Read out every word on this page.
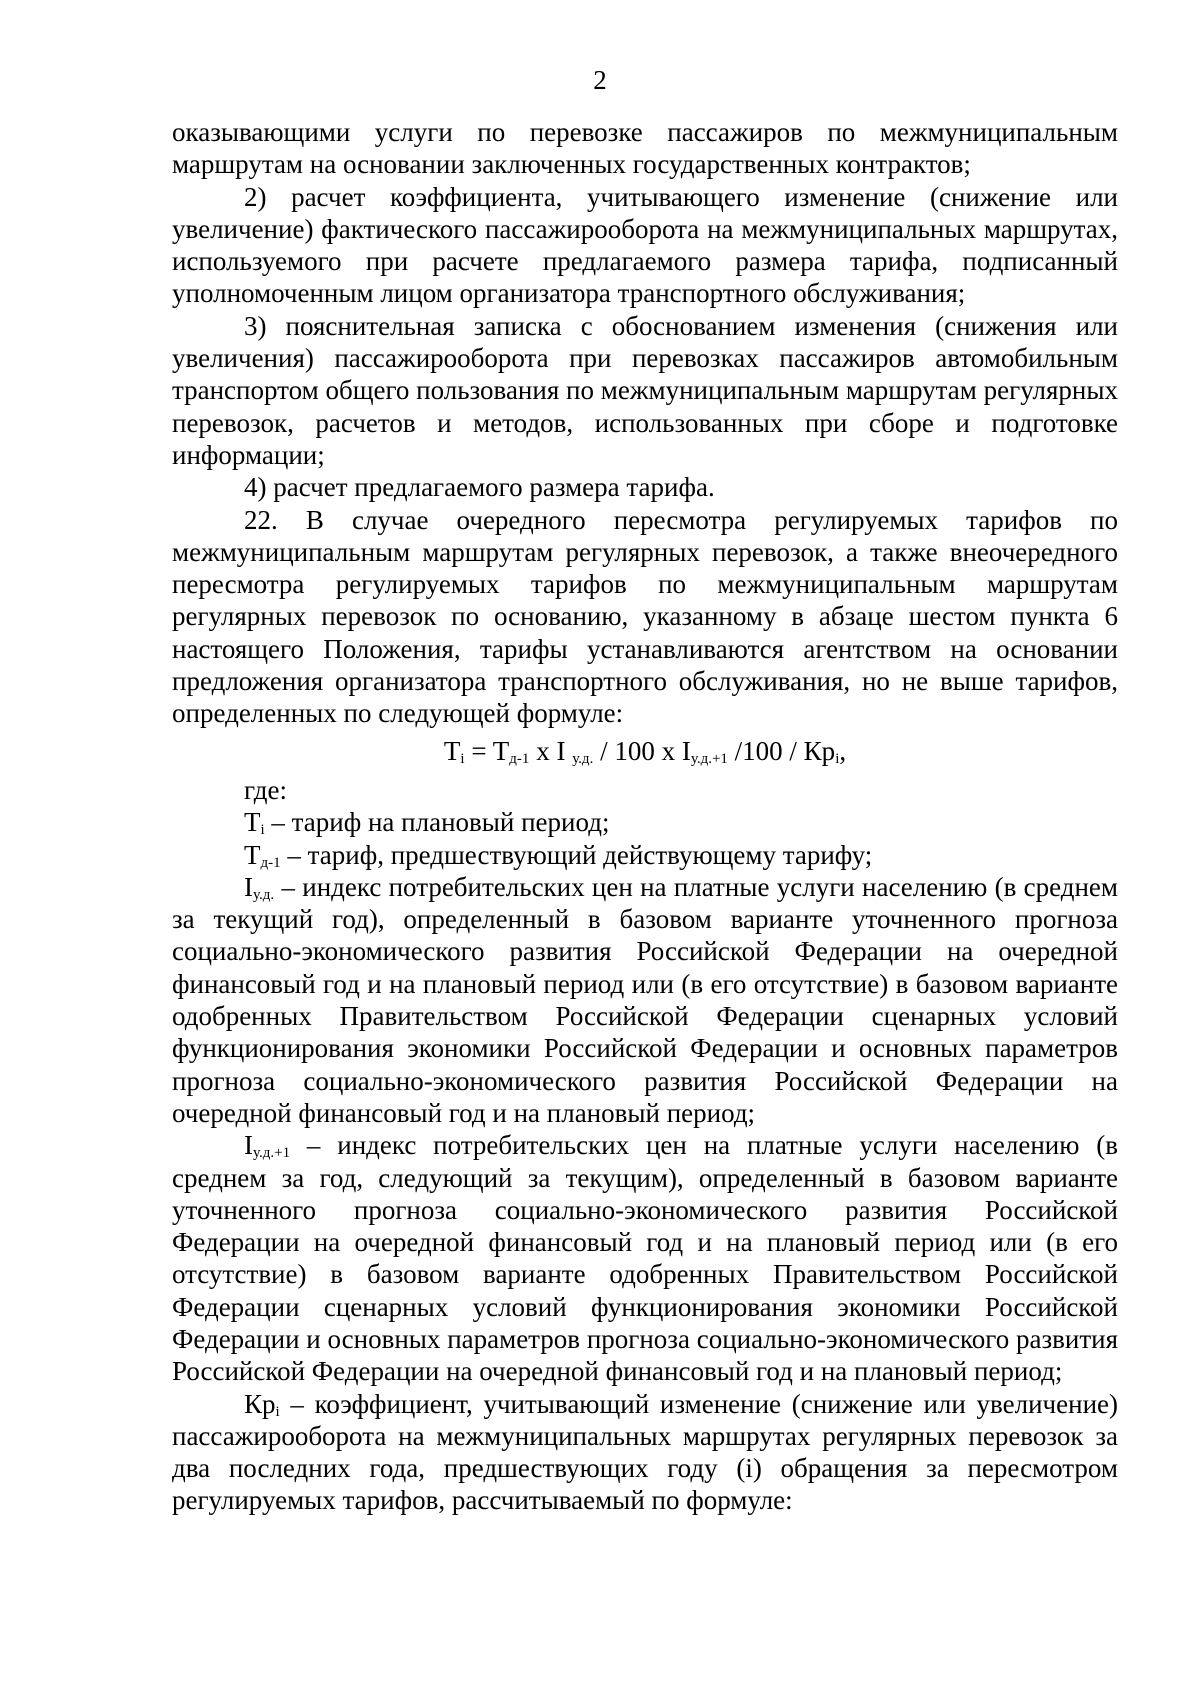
2

оказывающими услуги по перевозке пассажиров по межмуниципальным маршрутам на основании заключенных государственных контрактов;

2) расчет коэффициента, учитывающего изменение (снижение или увеличение) фактического пассажирооборота на межмуниципальных маршрутах, используемого при расчете предлагаемого размера тарифа, подписанный уполномоченным лицом организатора транспортного обслуживания;

3) пояснительная записка с обоснованием изменения (снижения или увеличения) пассажирооборота при перевозках пассажиров автомобильным транспортом общего пользования по межмуниципальным маршрутам регулярных перевозок, расчетов и методов, использованных при сборе и подготовке информации;

4) расчет предлагаемого размера тарифа.

22. В случае очередного пересмотра регулируемых тарифов по межмуниципальным маршрутам регулярных перевозок, а также внеочередного пересмотра регулируемых тарифов по межмуниципальным маршрутам регулярных перевозок по основанию, указанному в абзаце шестом пункта 6 настоящего Положения, тарифы устанавливаются агентством на основании предложения организатора транспортного обслуживания, но не выше тарифов, определенных по следующей формуле:

$T_i = T_{д-1}$ x I $_{у.д.}$ / 100 x $I_{у.д.+1}$ $/100 / Кр_i$,

где:

$T_i$ – тариф на плановый период;

$T_{д-1}$ – тариф, предшествующий действующему тарифу;

$I_{у.д.}$ – индекс потребительских цен на платные услуги населению (в среднем за текущий год), определенный в базовом варианте уточненного прогноза социально-экономического развития Российской Федерации на очередной финансовый год и на плановый период или (в его отсутствие) в базовом варианте одобренных Правительством Российской Федерации сценарных условий функционирования экономики Российской Федерации и основных параметров прогноза социально-экономического развития Российской Федерации на очередной финансовый год и на плановый период;

$I_{у.д.+1}$ – индекс потребительских цен на платные услуги населению (в среднем за год, следующий за текущим), определенный в базовом варианте уточненного прогноза социально-экономического развития Российской Федерации на очередной финансовый год и на плановый период или (в его отсутствие) в базовом варианте одобренных Правительством Российской Федерации сценарных условий функционирования экономики Российской Федерации и основных параметров прогноза социально-экономического развития Российской Федерации на очередной финансовый год и на плановый период;

$Кр_i$ – коэффициент, учитывающий изменение (снижение или увеличение) пассажирооборота на межмуниципальных маршрутах регулярных перевозок за два последних года, предшествующих году (i) обращения за пересмотром регулируемых тарифов, рассчитываемый по формуле:
